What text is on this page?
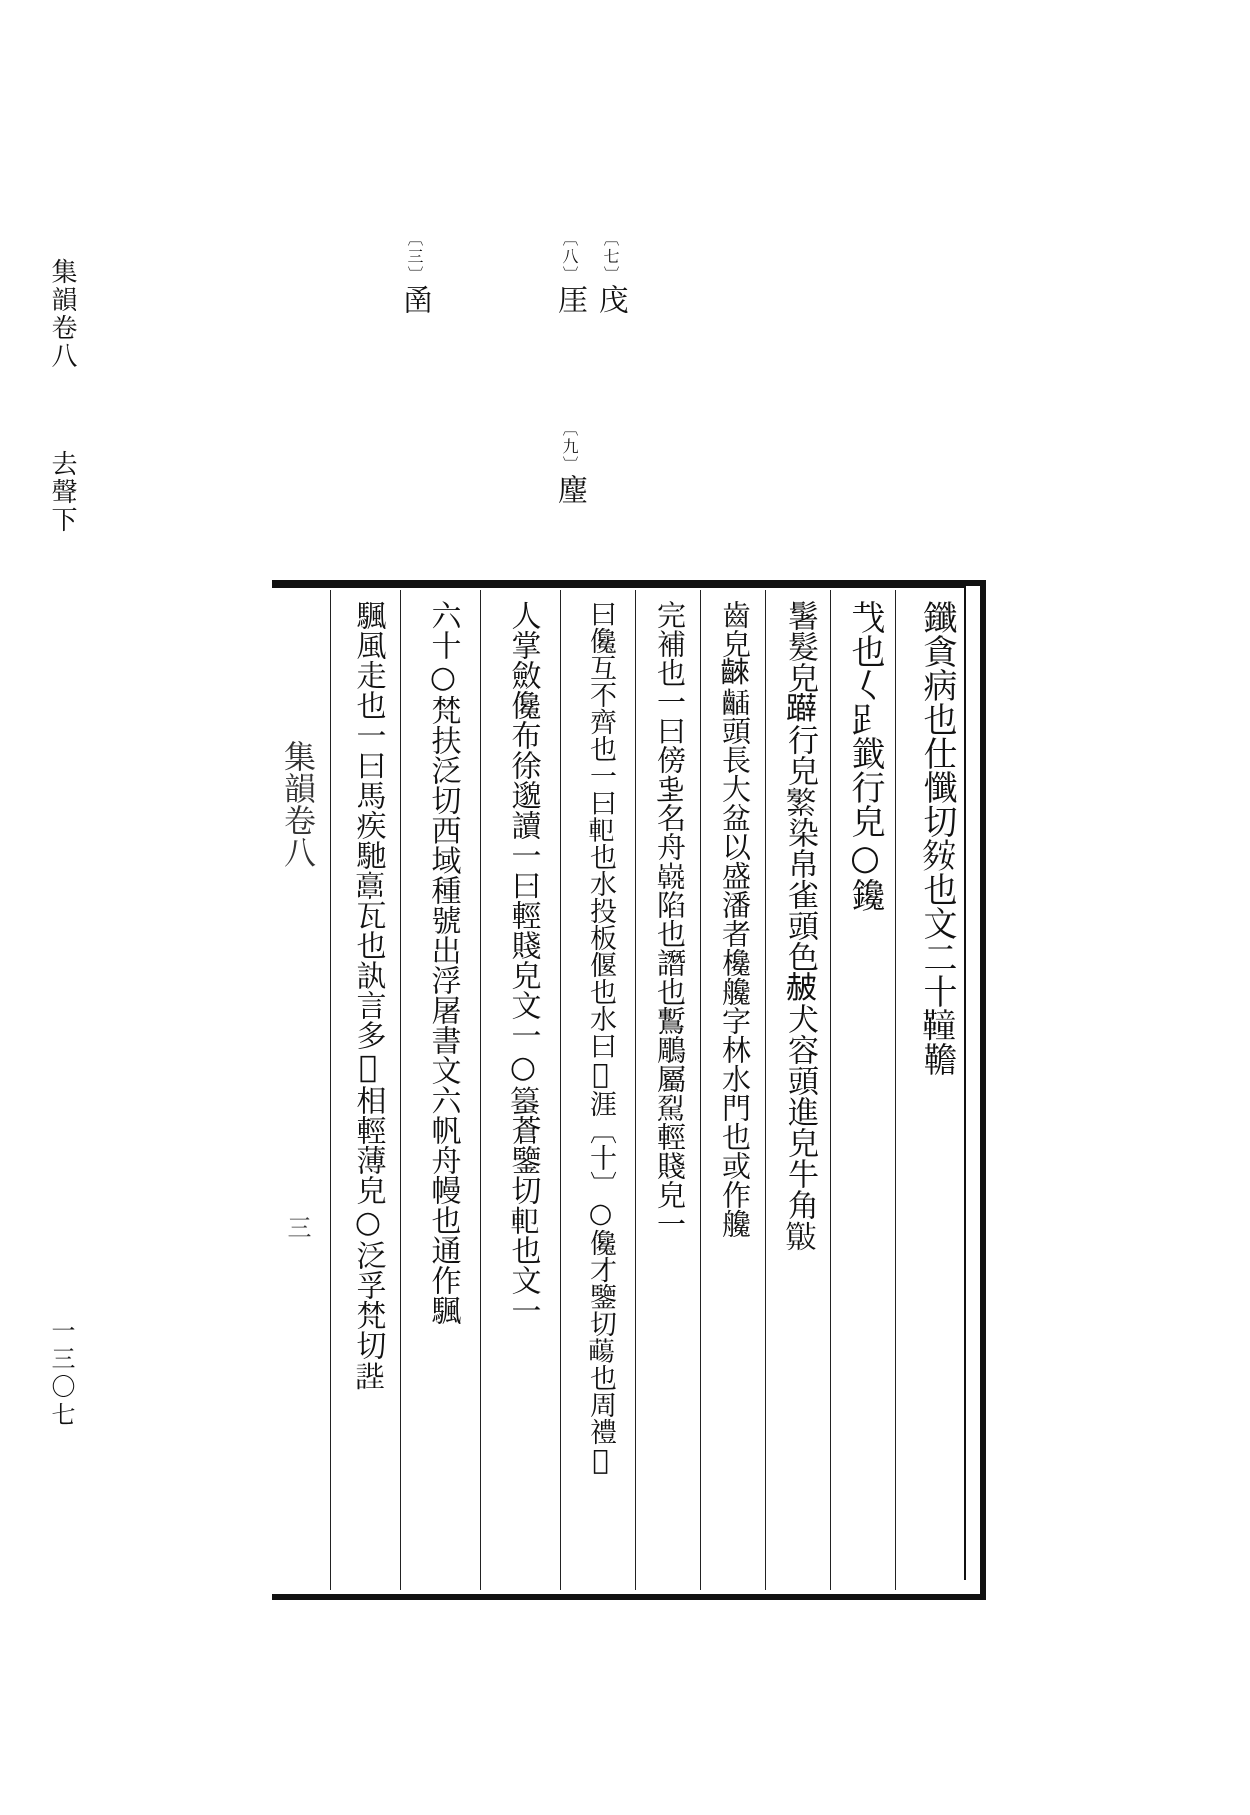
集韻卷八  去聲下
一三〇七
〔七〕㡲
〔八〕厓
〔九〕麈
〔三〕圅
鑯貪病也仕懺切𡖨也文二十𩍅韂
𢦏也𡿨𧾷韱行皃○鑱
䰇髮皃𨇨行皃𦅾染帛雀頭色𧹞犬容頭進皃牛角𣀔
齒皃𪘨𪘾頭長大盆以盛潘者欃艬字林水門也或作艬
完補也一曰傍𡉫名舟𡽷陷也譖也䳻鵰屬𩢾輕賤皃一
曰儳互不齊也一曰𨊠也水投板偃也水曰𣽷涯〔十〕○儳才鑒切𧀄也周禮𡏿
人掌斂儳布徐邈讀一曰輕賤皃文一○𥴵蒼鑒切𨊠也文一
六十○梵扶泛切西域種號出浮屠書文六帆舟幔也通作颿
颿風走也一曰馬疾馳𩫖瓦也訙言多𠇕相輕薄皃○泛孚梵切𧧺
集韻卷八
三
